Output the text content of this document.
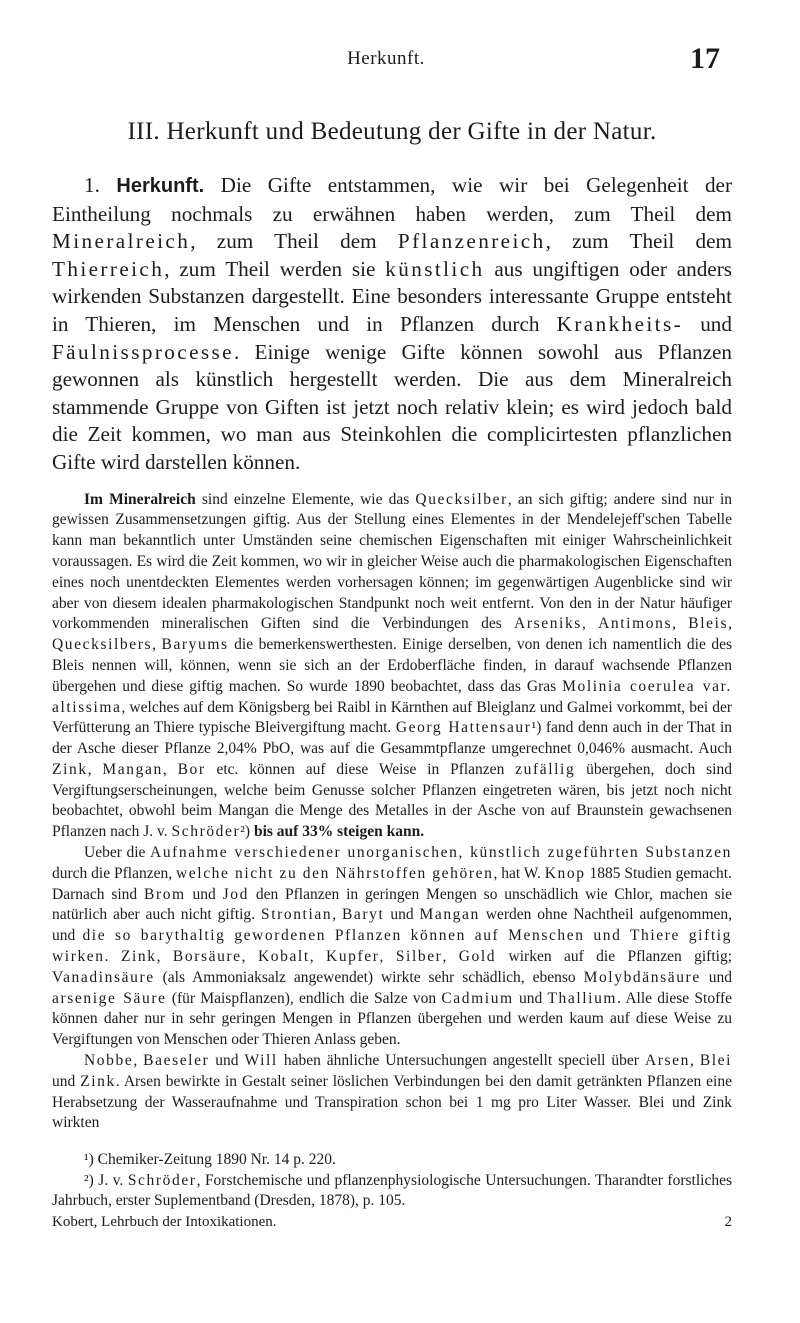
Herkunft.	17
III. Herkunft und Bedeutung der Gifte in der Natur.

1. Herkunft. Die Gifte entstammen, wie wir bei Gelegenheit der Eintheilung nochmals zu erwähnen haben werden, zum Theil dem Mineralreich, zum Theil dem Pflanzenreich, zum Theil dem Thierreich, zum Theil werden sie künstlich aus ungiftigen oder anders wirkenden Substanzen dargestellt. Eine besonders interessante Gruppe entsteht in Thieren, im Menschen und in Pflanzen durch Krankheits- und Fäulnissprocesse. Einige wenige Gifte können sowohl aus Pflanzen gewonnen als künstlich hergestellt werden. Die aus dem Mineralreich stammende Gruppe von Giften ist jetzt noch relativ klein; es wird jedoch bald die Zeit kommen, wo man aus Steinkohlen die complicirtesten pflanzlichen Gifte wird darstellen können.

Im Mineralreich sind einzelne Elemente, wie das Quecksilber, an sich giftig; andere sind nur in gewissen Zusammensetzungen giftig. Aus der Stellung eines Elementes in der Mendelejeff'schen Tabelle kann man bekanntlich unter Umständen seine chemischen Eigenschaften mit einiger Wahrscheinlichkeit voraussagen. Es wird die Zeit kommen, wo wir in gleicher Weise auch die pharmakologischen Eigenschaften eines noch unentdeckten Elementes werden vorhersagen können; im gegenwärtigen Augenblicke sind wir aber von diesem idealen pharmakologischen Standpunkt noch weit entfernt. Von den in der Natur häufiger vorkommenden mineralischen Giften sind die Verbindungen des Arseniks, Antimons, Bleis, Quecksilbers, Baryums die bemerkenswerthesten. Einige derselben, von denen ich namentlich die des Bleis nennen will, können, wenn sie sich an der Erdoberfläche finden, in darauf wachsende Pflanzen übergehen und diese giftig machen. So wurde 1890 beobachtet, dass das Gras Molinia coerulea var. altissima, welches auf dem Königsberg bei Raibl in Kärnthen auf Bleiglanz und Galmei vorkommt, bei der Verfütterung an Thiere typische Bleivergiftung macht. Georg Hattensaur¹) fand denn auch in der That in der Asche dieser Pflanze 2,04% PbO, was auf die Gesammtpflanze umgerechnet 0,046% ausmacht. Auch Zink, Mangan, Bor etc. können auf diese Weise in Pflanzen zufällig übergehen, doch sind Vergiftungserscheinungen, welche beim Genusse solcher Pflanzen eingetreten wären, bis jetzt noch nicht beobachtet, obwohl beim Mangan die Menge des Metalles in der Asche von auf Braunstein gewachsenen Pflanzen nach J. v. Schröder²) bis auf 33% steigen kann.

Ueber die Aufnahme verschiedener unorganischen, künstlich zugeführten Substanzen durch die Pflanzen, welche nicht zu den Nährstoffen gehören, hat W. Knop 1885 Studien gemacht. Darnach sind Brom und Jod den Pflanzen in geringen Mengen so unschädlich wie Chlor, machen sie natürlich aber auch nicht giftig. Strontian, Baryt und Mangan werden ohne Nachtheil aufgenommen, und die so barythaltig gewordenen Pflanzen können auf Menschen und Thiere giftig wirken. Zink, Borsäure, Kobalt, Kupfer, Silber, Gold wirken auf die Pflanzen giftig; Vanadinsäure (als Ammoniaksalz angewendet) wirkte sehr schädlich, ebenso Molybdänsäure und arsenige Säure (für Maispflanzen), endlich die Salze von Cadmium und Thallium. Alle diese Stoffe können daher nur in sehr geringen Mengen in Pflanzen übergehen und werden kaum auf diese Weise zu Vergiftungen von Menschen oder Thieren Anlass geben.

Nobbe, Baeseler und Will haben ähnliche Untersuchungen angestellt speciell über Arsen, Blei und Zink. Arsen bewirkte in Gestalt seiner löslichen Verbindungen bei den damit getränkten Pflanzen eine Herabsetzung der Wasseraufnahme und Transpiration schon bei 1 mg pro Liter Wasser. Blei und Zink wirkten

¹) Chemiker-Zeitung 1890 Nr. 14 p. 220.

²) J. v. Schröder, Forstchemische und pflanzenphysiologische Untersuchungen. Tharandter forstliches Jahrbuch, erster Suplementband (Dresden, 1878), p. 105.

Kobert, Lehrbuch der Intoxikationen.	2
